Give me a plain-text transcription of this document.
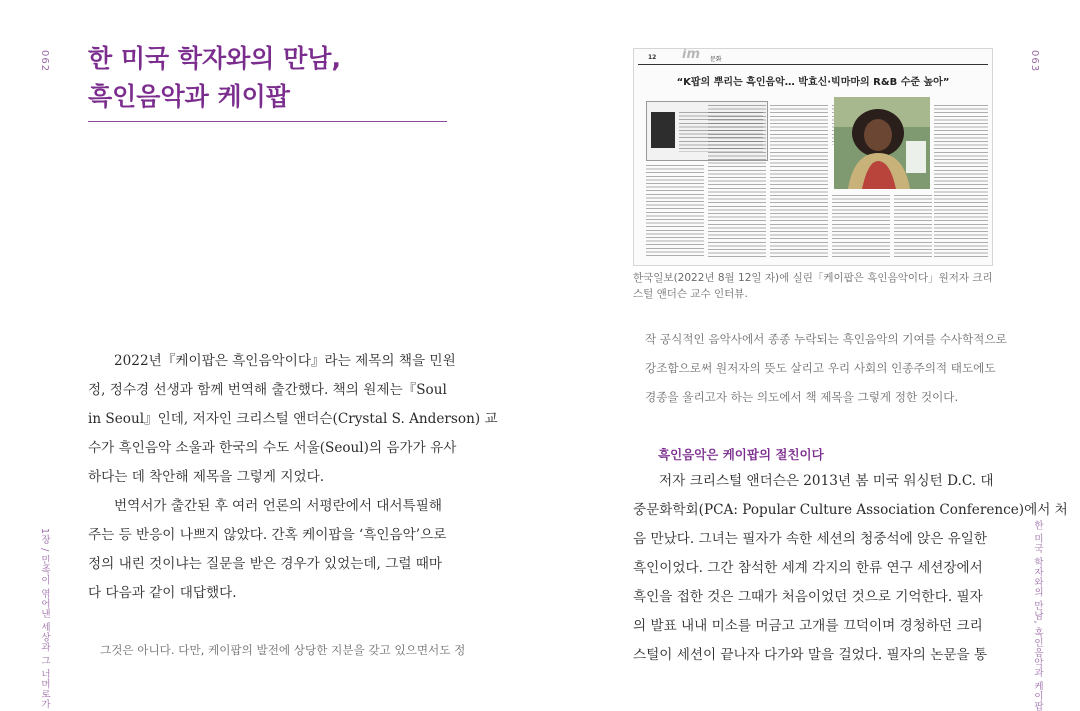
062
1장 / 민족이 엮어낸 세상과 그 너머로가
한 미국 학자와의 만남,
흑인음악과 케이팝
2022년『케이팝은 흑인음악이다』라는 제목의 책을 민원
정, 정수경 선생과 함께 번역해 출간했다. 책의 원제는『Soul
in Seoul』인데, 저자인 크리스털 앤더슨(Crystal S. Anderson) 교
수가 흑인음악 소울과 한국의 수도 서울(Seoul)의 음가가 유사
하다는 데 착안해 제목을 그렇게 지었다.
번역서가 출간된 후 여러 언론의 서평란에서 대서특필해
주는 등 반응이 나쁘지 않았다. 간혹 케이팝을 ‘흑인음악’으로
정의 내린 것이냐는 질문을 받은 경우가 있었는데, 그럴 때마
다 다음과 같이 대답했다.
그것은 아니다. 다만, 케이팝의 발전에 상당한 지분을 갖고 있으면서도 정
063
한 미국 학자와의 만남, 흑인음악과 케이팝
12 im 문화
“K팝의 뿌리는 흑인음악… 박효신·빅마마의 R&B 수준 높아”
한국일보(2022년 8월 12일 자)에 실린「케이팝은 흑인음악이다」원저자 크리스털 앤더슨 교수 인터뷰.
작 공식적인 음악사에서 종종 누락되는 흑인음악의 기여를 수사학적으로
강조함으로써 원저자의 뜻도 살리고 우리 사회의 인종주의적 태도에도
경종을 울리고자 하는 의도에서 책 제목을 그렇게 정한 것이다.
흑인음악은 케이팝의 절친이다
저자 크리스털 앤더슨은 2013년 봄 미국 워싱턴 D.C. 대
중문화학회(PCA: Popular Culture Association Conference)에서 처
음 만났다. 그녀는 필자가 속한 세션의 청중석에 앉은 유일한
흑인이었다. 그간 참석한 세계 각지의 한류 연구 세션장에서
흑인을 접한 것은 그때가 처음이었던 것으로 기억한다. 필자
의 발표 내내 미소를 머금고 고개를 끄덕이며 경청하던 크리
스털이 세션이 끝나자 다가와 말을 걸었다. 필자의 논문을 통
